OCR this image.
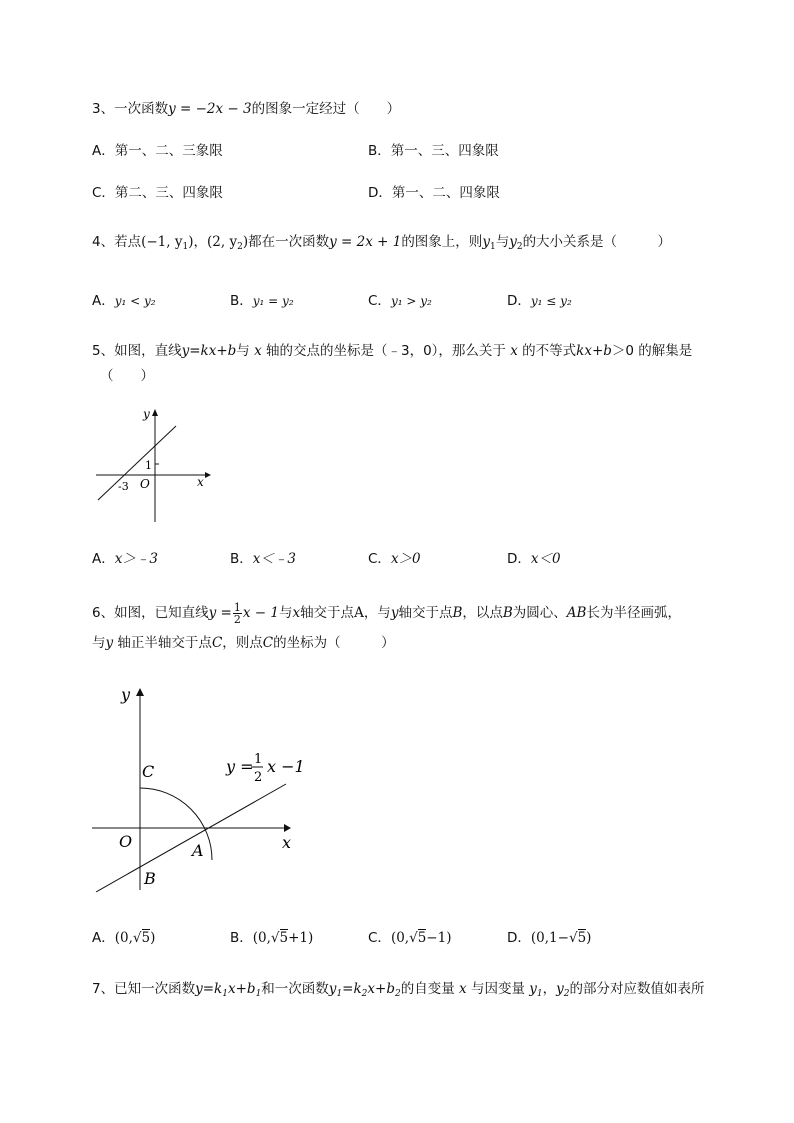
3、一次函数y = −2x − 3的图象一定经过（　　）
A．第一、二、三象限	B．第一、三、四象限
C．第二、三、四象限	D．第一、二、四象限
4、若点(−1, $y_1$)，(2, $y_2$)都在一次函数y = 2x + 1的图象上，则$y_1$与$y_2$的大小关系是（　　　）
A．y₁ < y₂	B．y₁ = y₂	C．y₁ > y₂	D．y₁ ≤ y₂
5、如图，直线y=kx+b与 x 轴的交点的坐标是（﹣3，0），那么关于 x 的不等式kx+b＞0 的解集是
（　　）
y
x
O
1
-3
A．x＞﹣3	B．x＜﹣3	C．x＞0	D．x＜0
6、如图，已知直线$y = \frac{1}{2}$ x − 1与x轴交于点A，与y轴交于点B，以点B为圆心、AB长为半径画弧，
与y 轴正半轴交于点C，则点C的坐标为（　　　）
y
x
O	A
B
C	y = 1
2
x −1
A．(0,√5)	B．(0,√5+1)	C．(0,√5−1)	D．(0,1−√5)
7、已知一次函数$y=k_1x+b_1$和一次函数$y_1=k_2x+b_2$的自变量 x 与因变量 $y_1$，$y_2$的部分对应数值如表所
